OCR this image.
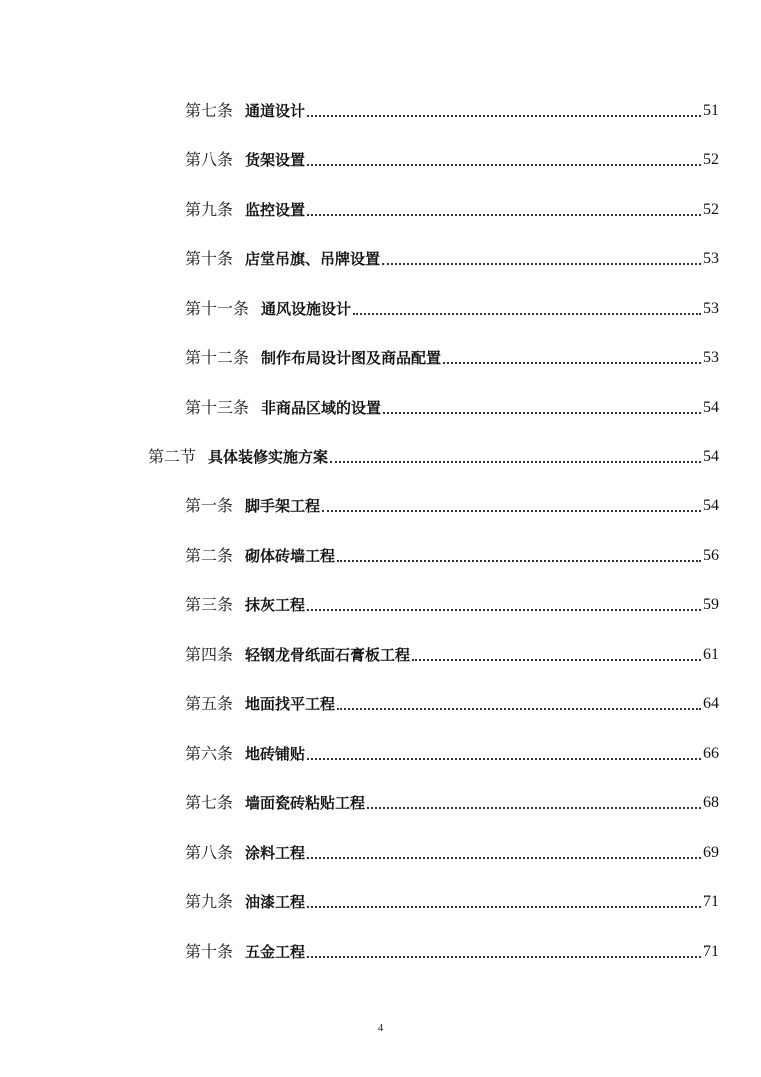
第七条 通道设计	51
第八条 货架设置	52
第九条 监控设置	52
第十条 店堂吊旗、吊牌设置	53
第十一条 通风设施设计	53
第十二条 制作布局设计图及商品配置	53
第十三条 非商品区域的设置	54
第二节 具体装修实施方案	54
第一条 脚手架工程	54
第二条 砌体砖墙工程	56
第三条 抹灰工程	59
第四条 轻钢龙骨纸面石膏板工程	61
第五条 地面找平工程	64
第六条 地砖铺贴	66
第七条 墙面瓷砖粘贴工程	68
第八条 涂料工程	69
第九条 油漆工程	71
第十条 五金工程	71
4
